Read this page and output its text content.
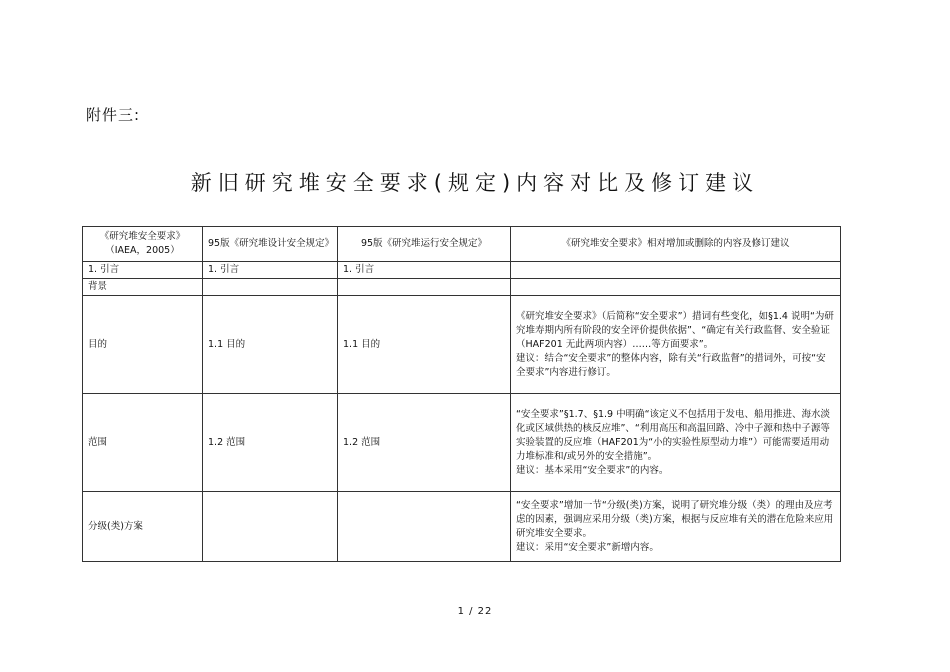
附件三:
新旧研究堆安全要求(规定)内容对比及修订建议
《研究堆安全要求》（IAEA，2005）	95版《研究堆设计安全规定》	95版《研究堆运行安全规定》	《研究堆安全要求》相对增加或删除的内容及修订建议
1. 引言	1. 引言	1. 引言	
背景			
目的	1.1 目的	1.1 目的	《研究堆安全要求》（后简称“安全要求”）措词有些变化，如§1.4 说明“为研究堆寿期内所有阶段的安全评价提供依据”、“确定有关行政监督、安全验证（HAF201 无此两项内容）……等方面要求”。

建议：结合“安全要求”的整体内容，除有关“行政监督”的措词外，可按“安全要求”内容进行修订。

范围	1.2 范围	1.2 范围	“安全要求”§1.7、§1.9 中明确“该定义不包括用于发电、船用推进、海水淡化或区域供热的核反应堆”、“利用高压和高温回路、冷中子源和热中子源等实验装置的反应堆（HAF201为“小的实验性原型动力堆”）可能需要适用动力堆标准和/或另外的安全措施”。

建议：基本采用“安全要求”的内容。

分级(类)方案			“安全要求”增加一节“分级(类)方案，说明了研究堆分级（类）的理由及应考虑的因素，强调应采用分级（类)方案，根据与反应堆有关的潜在危险来应用研究堆安全要求。

建议：采用“安全要求”新增内容。

1 / 22
